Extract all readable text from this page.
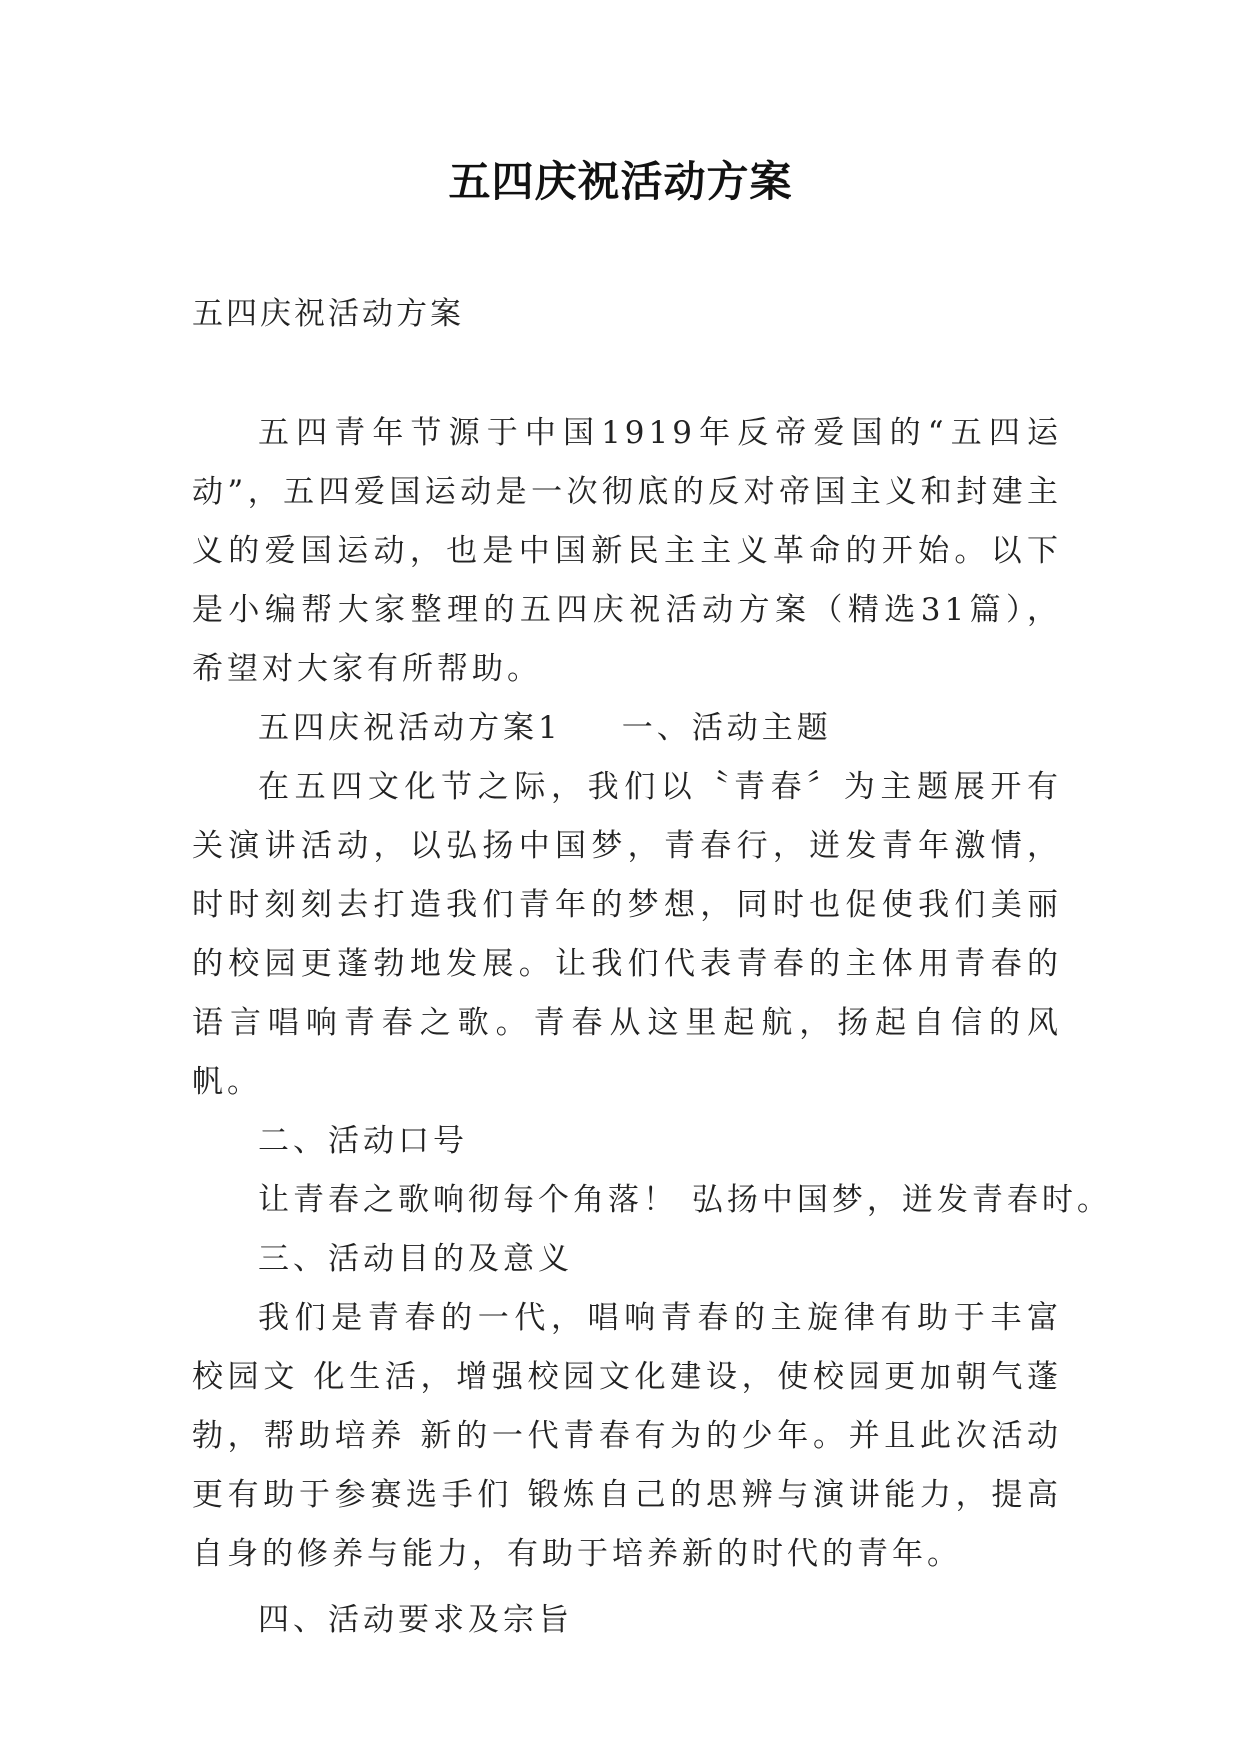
五四庆祝活动方案
五四庆祝活动方案

五四青年节源于中国1919年反帝爱国的“五四运动”，五四爱国运动是一次彻底的反对帝国主义和封建主义的爱国运动，也是中国新民主主义革命的开始。以下是小编帮大家整理的五四庆祝活动方案（精选31篇），希望对大家有所帮助。

五四庆祝活动方案1 一、活动主题

在五四文化节之际，我们以〝青春〞为主题展开有关演讲活动，以弘扬中国梦，青春行，迸发青年激情，时时刻刻去打造我们青年的梦想，同时也促使我们美丽的校园更蓬勃地发展。让我们代表青春的主体用青春的语言唱响青春之歌。青春从这里起航，扬起自信的风帆。

二、活动口号

让青春之歌响彻每个角落！ 弘扬中国梦，迸发青春时。

三、活动目的及意义

我们是青春的一代，唱响青春的主旋律有助于丰富校园文 化生活，增强校园文化建设，使校园更加朝气蓬勃，帮助培养 新的一代青春有为的少年。并且此次活动更有助于参赛选手们 锻炼自己的思辨与演讲能力，提高自身的修养与能力，有助于培养新的时代的青年。

四、活动要求及宗旨
